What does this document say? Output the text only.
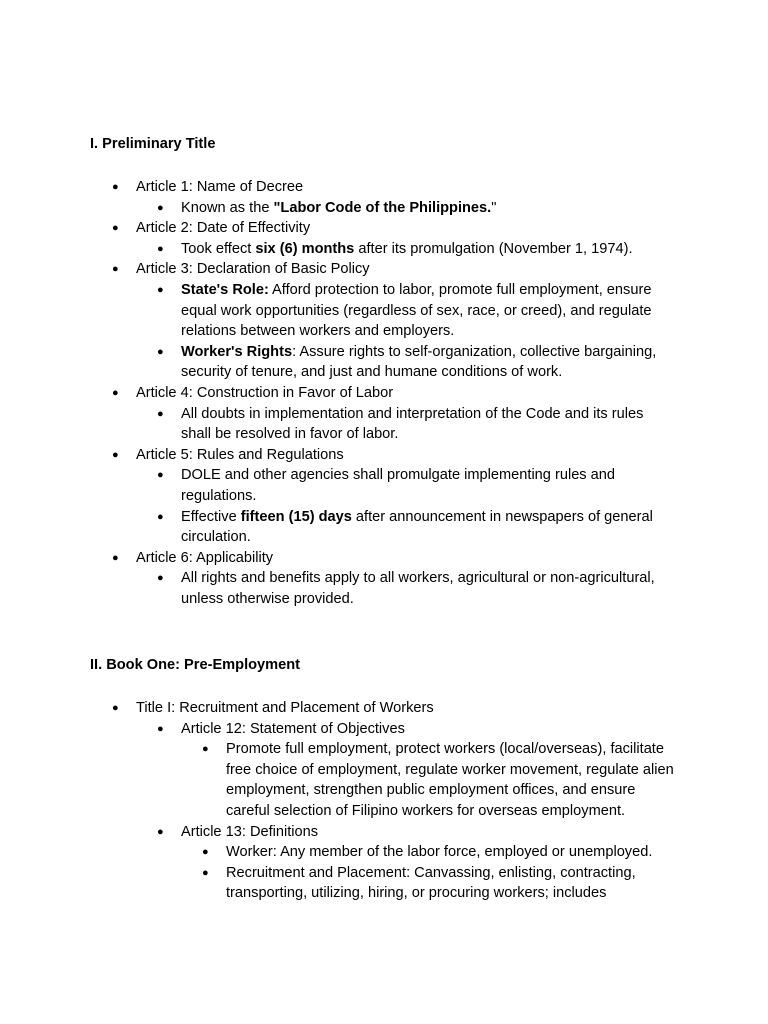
I. Preliminary Title
● Article 1: Name of Decree
● Known as the "Labor Code of the Philippines."
● Article 2: Date of Effectivity
● Took effect six (6) months after its promulgation (November 1, 1974).
● Article 3: Declaration of Basic Policy
● State's Role: Afford protection to labor, promote full employment, ensure equal work opportunities (regardless of sex, race, or creed), and regulate relations between workers and employers.
● Worker's Rights: Assure rights to self-organization, collective bargaining, security of tenure, and just and humane conditions of work.
● Article 4: Construction in Favor of Labor
● All doubts in implementation and interpretation of the Code and its rules shall be resolved in favor of labor.
● Article 5: Rules and Regulations
● DOLE and other agencies shall promulgate implementing rules and regulations.
● Effective fifteen (15) days after announcement in newspapers of general circulation.
● Article 6: Applicability
● All rights and benefits apply to all workers, agricultural or non-agricultural, unless otherwise provided.
II. Book One: Pre-Employment
● Title I: Recruitment and Placement of Workers
● Article 12: Statement of Objectives
● Promote full employment, protect workers (local/overseas), facilitate free choice of employment, regulate worker movement, regulate alien employment, strengthen public employment offices, and ensure careful selection of Filipino workers for overseas employment.
● Article 13: Definitions
● Worker: Any member of the labor force, employed or unemployed.
● Recruitment and Placement: Canvassing, enlisting, contracting, transporting, utilizing, hiring, or procuring workers; includes
